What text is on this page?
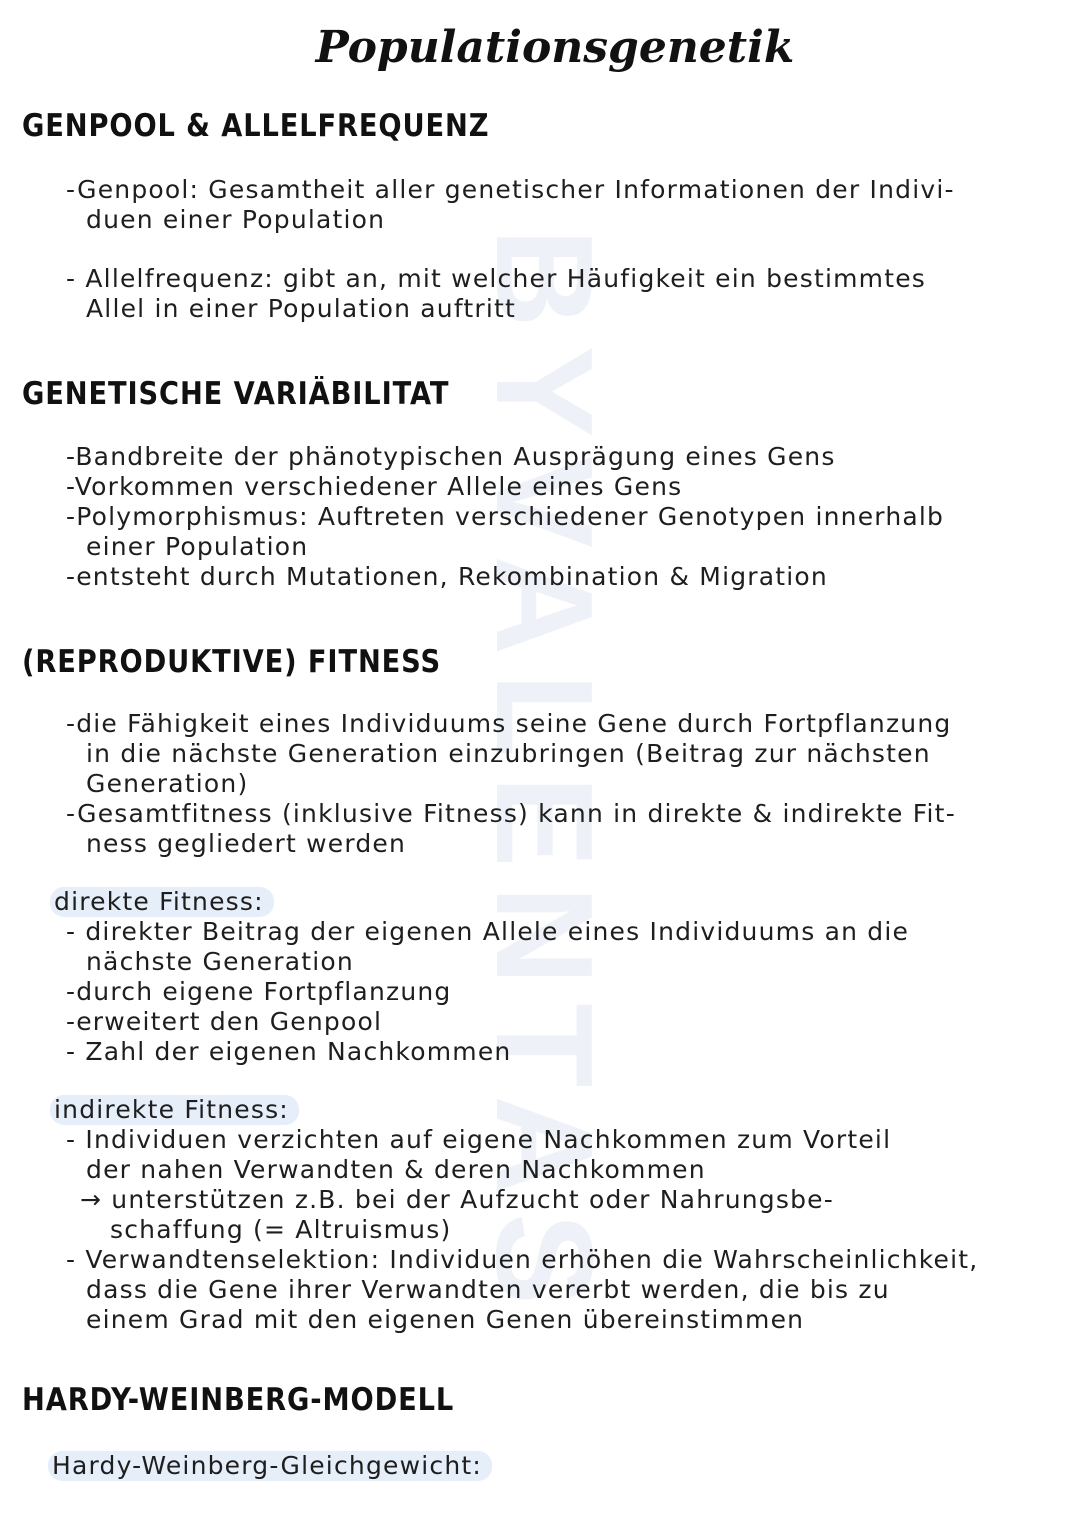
BYVALENTAS
Populationsgenetik
GENPOOL & ALLELFREQUENZ
-Genpool: Gesamtheit aller genetischer Informationen der Indivi-
duen einer Population
- Allelfrequenz: gibt an, mit welcher Häufigkeit ein bestimmtes
Allel in einer Population auftritt
GENETISCHE VARIÄBILITAT
-Bandbreite der phänotypischen Ausprägung eines Gens
-Vorkommen verschiedener Allele eines Gens
-Polymorphismus: Auftreten verschiedener Genotypen innerhalb
einer Population
-entsteht durch Mutationen, Rekombination & Migration
(REPRODUKTIVE) FITNESS
-die Fähigkeit eines Individuums seine Gene durch Fortpflanzung
in die nächste Generation einzubringen (Beitrag zur nächsten
Generation)
-Gesamtfitness (inklusive Fitness) kann in direkte & indirekte Fit-
ness gegliedert werden
direkte Fitness:
- direkter Beitrag der eigenen Allele eines Individuums an die
nächste Generation
-durch eigene Fortpflanzung
-erweitert den Genpool
- Zahl der eigenen Nachkommen
indirekte Fitness:
- Individuen verzichten auf eigene Nachkommen zum Vorteil
der nahen Verwandten & deren Nachkommen
→ unterstützen z.B. bei der Aufzucht oder Nahrungsbe-
schaffung (= Altruismus)
- Verwandtenselektion: Individuen erhöhen die Wahrscheinlichkeit,
dass die Gene ihrer Verwandten vererbt werden, die bis zu
einem Grad mit den eigenen Genen übereinstimmen
HARDY-WEINBERG-MODELL
Hardy-Weinberg-Gleichgewicht:
